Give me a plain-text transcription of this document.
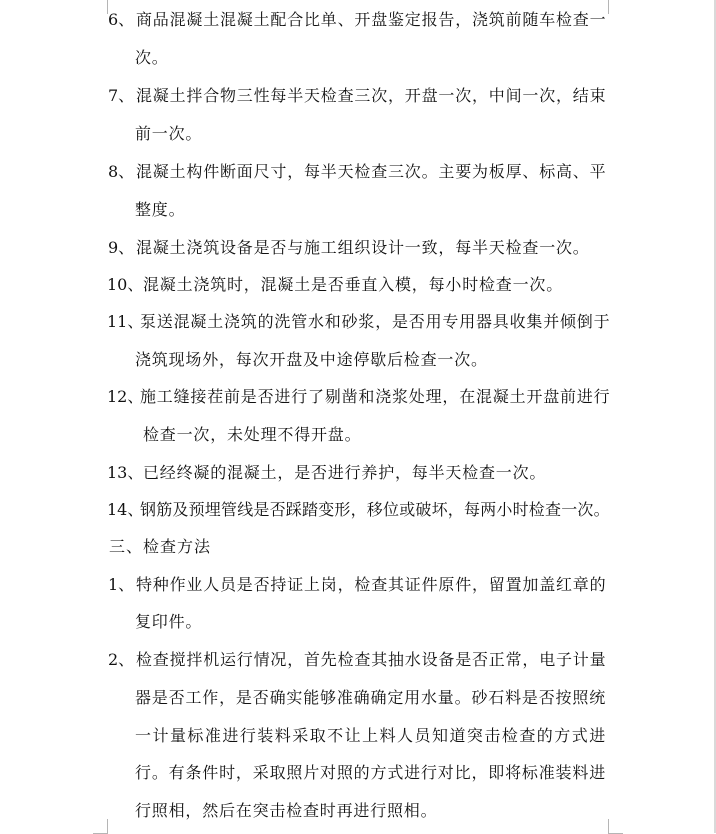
6、 商品混凝土混凝土配合比单、开盘鉴定报告，浇筑前随车检查一
次。
7、 混凝土拌合物三性每半天检查三次，开盘一次，中间一次，结束
前一次。
8、 混凝土构件断面尺寸，每半天检查三次。主要为板厚、标高、平
整度。
9、 混凝土浇筑设备是否与施工组织设计一致，每半天检查一次。
10、 混凝土浇筑时，混凝土是否垂直入模，每小时检查一次。
11、
泵送混凝土浇筑的洗管水和砂浆，是否用专用器具收集并倾倒于
浇筑现场外，每次开盘及中途停歇后检查一次。
12、
施工缝接茬前是否进行了剔凿和浇浆处理，在混凝土开盘前进行
检查一次，未处理不得开盘。
13、 已经终凝的混凝土，是否进行养护，每半天检查一次。
14、
钢筋及预埋管线是否踩踏变形，移位或破坏，每两小时检查一次。
三、检查方法
1、 特种作业人员是否持证上岗，检查其证件原件，留置加盖红章的
复印件。
2、 检查搅拌机运行情况，首先检查其抽水设备是否正常，电子计量
器是否工作，是否确实能够准确确定用水量。砂石料是否按照统
一计量标准进行装料采取不让上料人员知道突击检查的方式进
行。有条件时，采取照片对照的方式进行对比，即将标准装料进
行照相，然后在突击检查时再进行照相。
